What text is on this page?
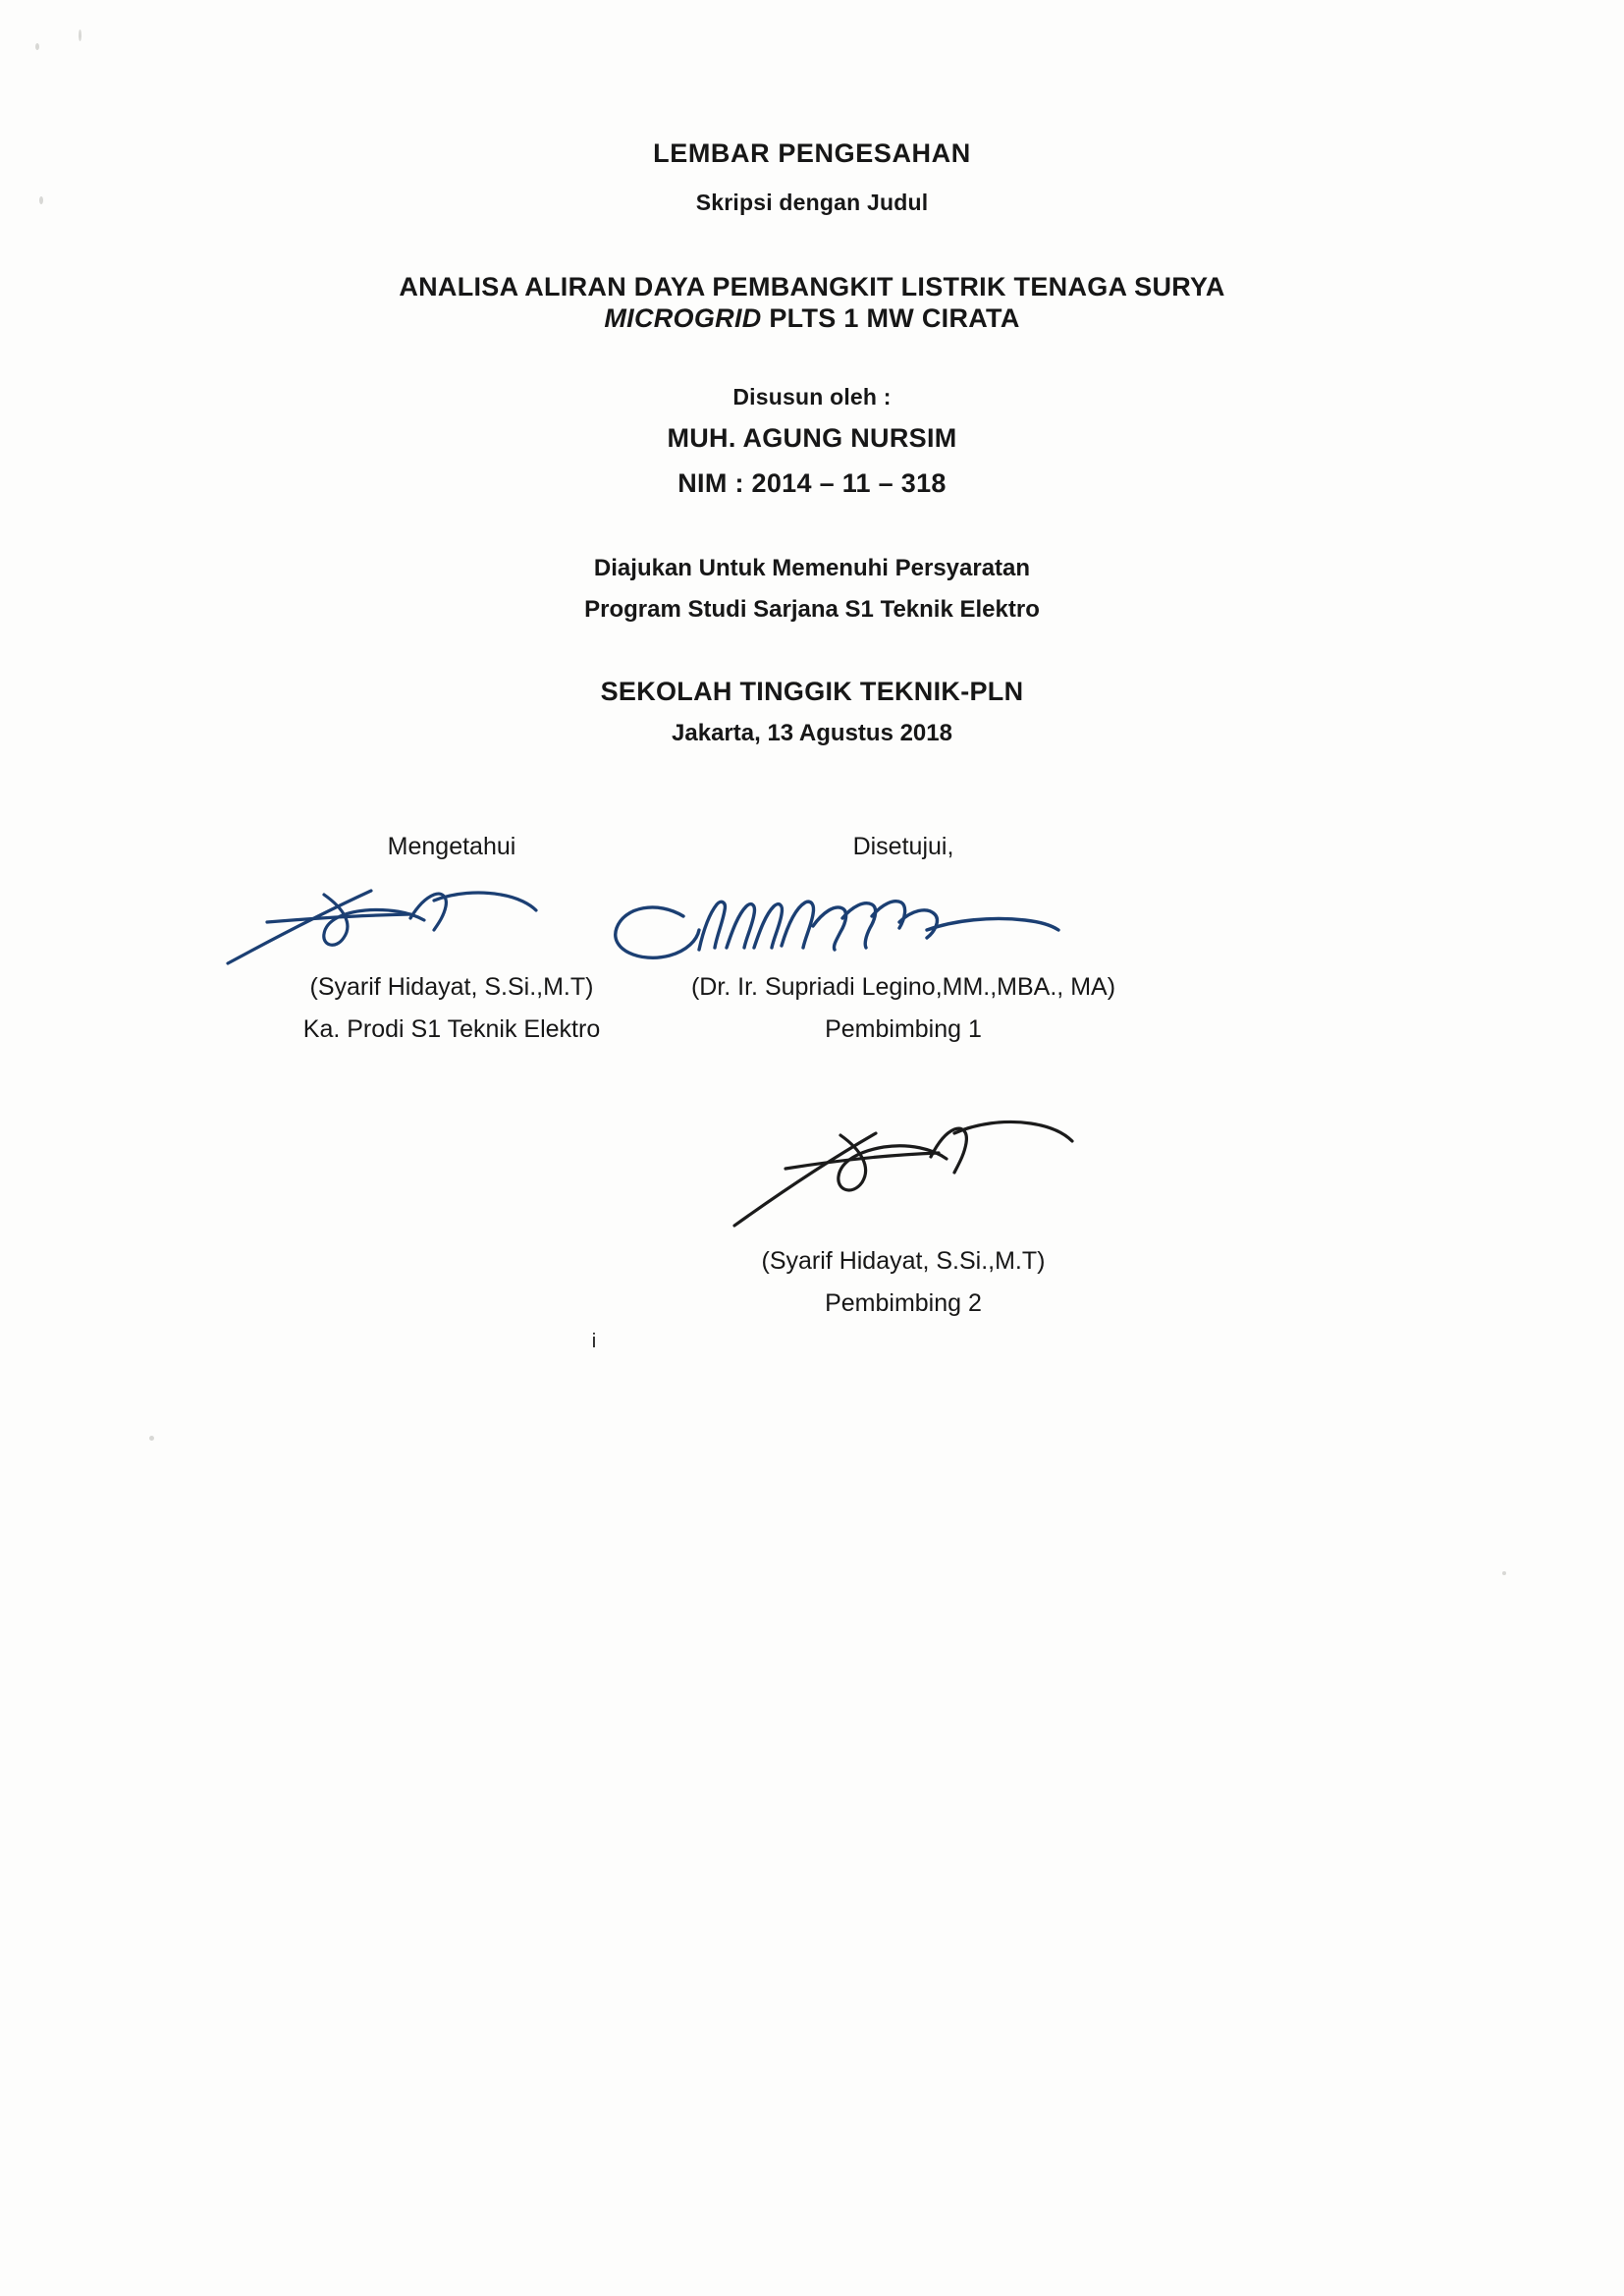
LEMBAR PENGESAHAN
Skripsi dengan Judul
ANALISA ALIRAN DAYA PEMBANGKIT LISTRIK TENAGA SURYA
MICROGRID PLTS 1 MW CIRATA
Disusun oleh :
MUH. AGUNG NURSIM
NIM : 2014 – 11 – 318
Diajukan Untuk Memenuhi Persyaratan
Program Studi Sarjana S1 Teknik Elektro
SEKOLAH TINGGIK TEKNIK-PLN
Jakarta, 13 Agustus 2018
Mengetahui
(Syarif Hidayat, S.Si.,M.T)
Ka. Prodi S1 Teknik Elektro
Disetujui,
(Dr. Ir. Supriadi Legino,MM.,MBA., MA)
Pembimbing 1
(Syarif Hidayat, S.Si.,M.T)
Pembimbing 2
i
